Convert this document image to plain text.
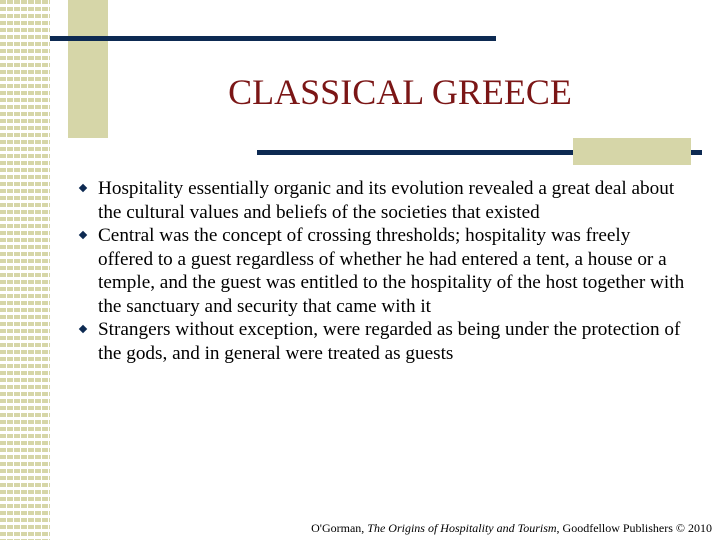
CLASSICAL GREECE
Hospitality essentially organic and its evolution revealed a great deal about the cultural values and beliefs of the societies that existed
Central was the concept of crossing thresholds; hospitality was freely offered to a guest regardless of whether he had entered a tent, a house or a temple, and the guest was entitled to the hospitality of the host together with the sanctuary and security that came with it
Strangers without exception, were regarded as being under the protection of the gods, and in general were treated as guests
O'Gorman, The Origins of Hospitality and Tourism, Goodfellow Publishers © 2010
